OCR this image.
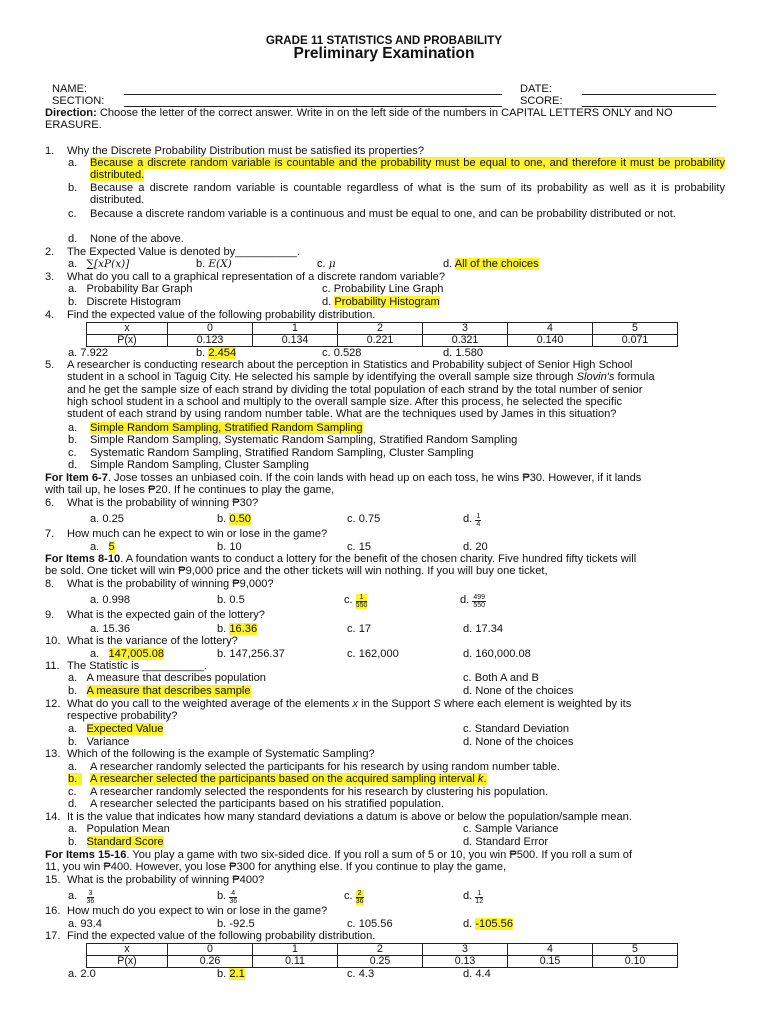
GRADE 11 STATISTICS AND PROBABILITY
Preliminary Examination
NAME:	DATE:
SECTION:	SCORE:
Direction: Choose the letter of the correct answer. Write in on the left side of the numbers in CAPITAL LETTERS ONLY and NO ERASURE.
1. Why the Discrete Probability Distribution must be satisfied its properties?
a. Because a discrete random variable is countable and the probability must be equal to one, and therefore it must be probability distributed.
b. Because a discrete random variable is countable regardless of what is the sum of its probability as well as it is probability distributed.
c. Because a discrete random variable is a continuous and must be equal to one, and can be probability distributed or not.
d. None of the above.
2. The Expected Value is denoted by__________.
a. ∑[xP(x)]	b. E(X)	c. μ	d. All of the choices
3. What do you call to a graphical representation of a discrete random variable?
a. Probability Bar Graph	c. Probability Line Graph
b. Discrete Histogram	d. Probability Histogram
4. Find the expected value of the following probability distribution.
x	0	1	2	3	4	5
P(x)	0.123	0.134	0.221	0.321	0.140	0.071
a. 7.922	b. 2.454	c. 0.528	d. 1.580
5. A researcher is conducting research about the perception in Statistics and Probability subject of Senior High School
student in a school in Taguig City. He selected his sample by identifying the overall sample size through Slovin's formula
and he get the sample size of each strand by dividing the total population of each strand by the total number of senior
high school student in a school and multiply to the overall sample size. After this process, he selected the specific
student of each strand by using random number table. What are the techniques used by James in this situation?
a. Simple Random Sampling, Stratified Random Sampling
b. Simple Random Sampling, Systematic Random Sampling, Stratified Random Sampling
c. Systematic Random Sampling, Stratified Random Sampling, Cluster Sampling
d. Simple Random Sampling, Cluster Sampling
For Item 6-7. Jose tosses an unbiased coin. If the coin lands with head up on each toss, he wins ₱30. However, if it lands
with tail up, he loses ₱20. If he continues to play the game,
6. What is the probability of winning ₱30?
a. 0.25	b. 0.50	c. 0.75	d. $\frac{1}{4}$
7. How much can he expect to win or lose in the game?
a. 5	b. 10	c. 15	d. 20
For Items 8-10. A foundation wants to conduct a lottery for the benefit of the chosen charity. Five hundred fifty tickets will
be sold. One ticket will win ₱9,000 price and the other tickets will win nothing. If you will buy one ticket,
8. What is the probability of winning ₱9,000?
a. 0.998	b. 0.5	c. $\frac{1}{550}$	d. $\frac{499}{550}$
9. What is the expected gain of the lottery?
a. 15.36	b. 16.36	c. 17	d. 17.34
10. What is the variance of the lottery?
a. 147,005.08	b. 147,256.37	c. 162,000	d. 160,000.08
11. The Statistic is __________.
a. A measure that describes population	c. Both A and B
b. A measure that describes sample	d. None of the choices
12. What do you call to the weighted average of the elements x in the Support S where each element is weighted by its
respective probability?
a. Expected Value	c. Standard Deviation
b. Variance	d. None of the choices
13. Which of the following is the example of Systematic Sampling?
a. A researcher randomly selected the participants for his research by using random number table.
b.	A researcher selected the participants based on the acquired sampling interval k.
c. A researcher randomly selected the respondents for his research by clustering his population.
d. A researcher selected the participants based on his stratified population.
14. It is the value that indicates how many standard deviations a datum is above or below the population/sample mean.
a. Population Mean	c. Sample Variance
b. Standard Score	d. Standard Error
For Items 15-16. You play a game with two six-sided dice. If you roll a sum of 5 or 10, you win ₱500. If you roll a sum of
11, you win ₱400. However, you lose ₱300 for anything else. If you continue to play the game,
15. What is the probability of winning ₱400?
a. $\frac{3}{36}$	b. $\frac{4}{36}$	c. $\frac{2}{36}$	d. $\frac{1}{12}$
16. How much do you expect to win or lose in the game?
a. 93.4	b. -92.5	c. 105.56	d. -105.56
17. Find the expected value of the following probability distribution.
x	0	1	2	3	4	5
P(x)	0.26	0.11	0.25	0.13	0.15	0.10
a. 2.0	b. 2.1	c. 4.3	d. 4.4
